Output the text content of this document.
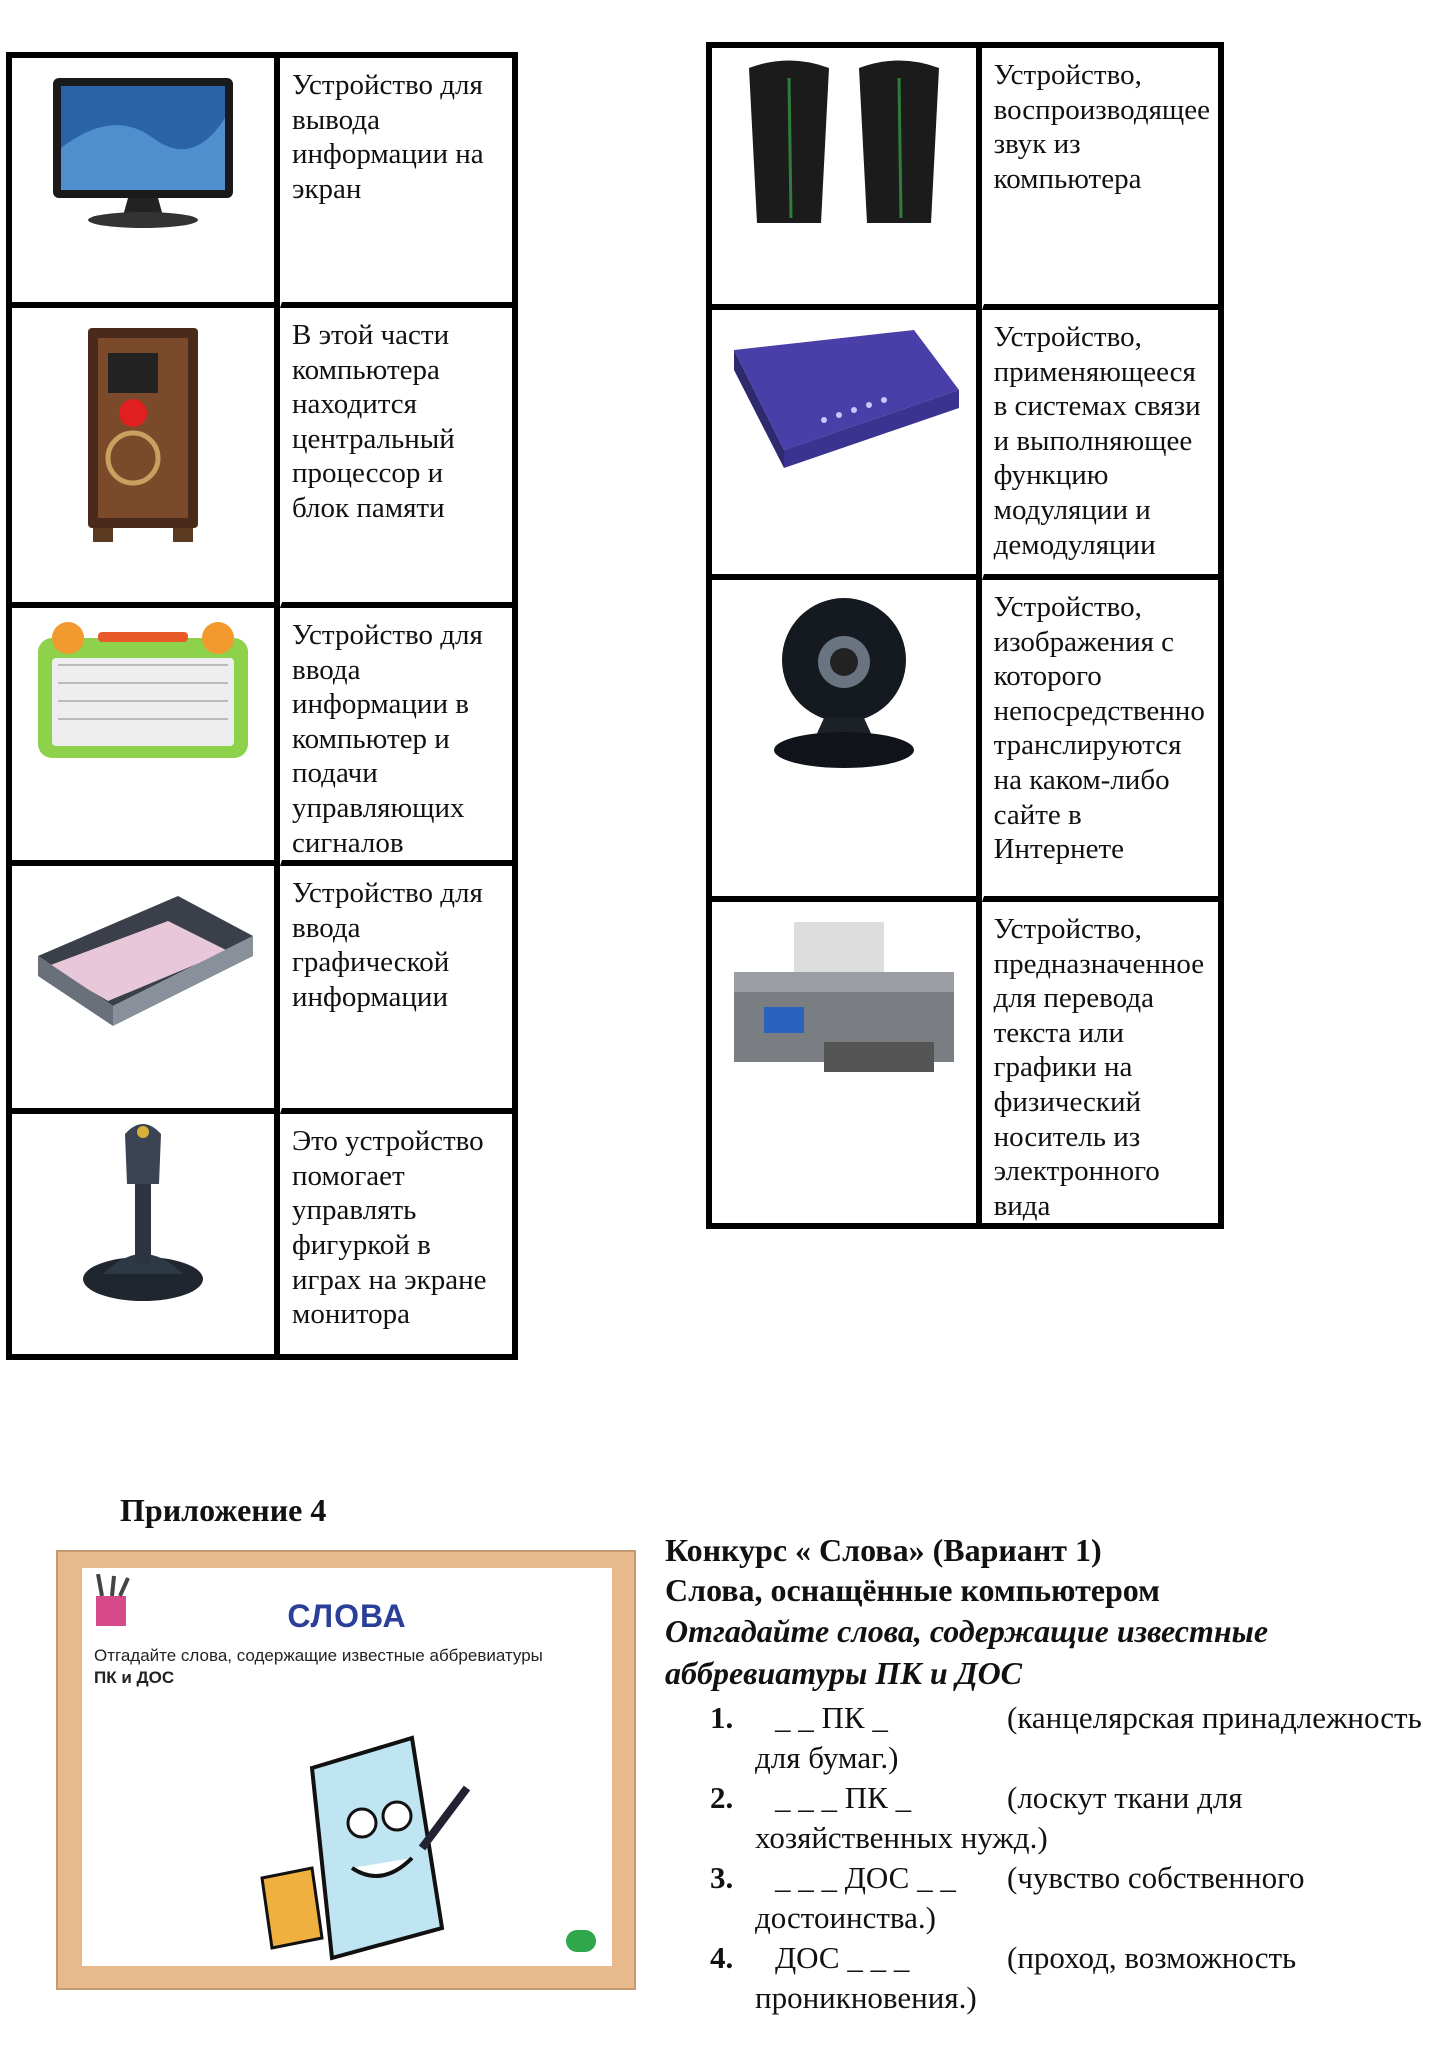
Устройство для вывода информации на экран

В этой части компьютера находится центральный процессор и блок памяти

Устройство для ввода информации в компьютер и подачи управляющих сигналов

Устройство для ввода графической информации

Это устройство помогает управлять фигуркой в играх на экране монитора

Устройство, воспроизводящее звук из компьютера

Устройство, применяющееся в системах связи и выполняющее функцию модуляции и демодуляции

Устройство, изображения с которого непосредственно транслируются на каком-либо сайте в Интернете

Устройство, предназначенное для перевода текста или графики на физический носитель из электронного вида
Приложение 4
СЛОВА
Отгадайте слова, содержащие известные аббревиатуры
ПК и ДОС
Конкурс « Слова» (Вариант 1)
Слова, оснащённые компьютером
Отгадайте слова, содержащие известные аббревиатуры ПК и ДОС
1. _ _ ПК _	(канцелярская принадлежность для бумаг.)
2. _ _ _ ПК _	(лоскут ткани для хозяйственных нужд.)
3. _ _ _ ДОС _ _ (чувство собственного достоинства.)
4. ДОС _ _ _	(проход, возможность проникновения.)
